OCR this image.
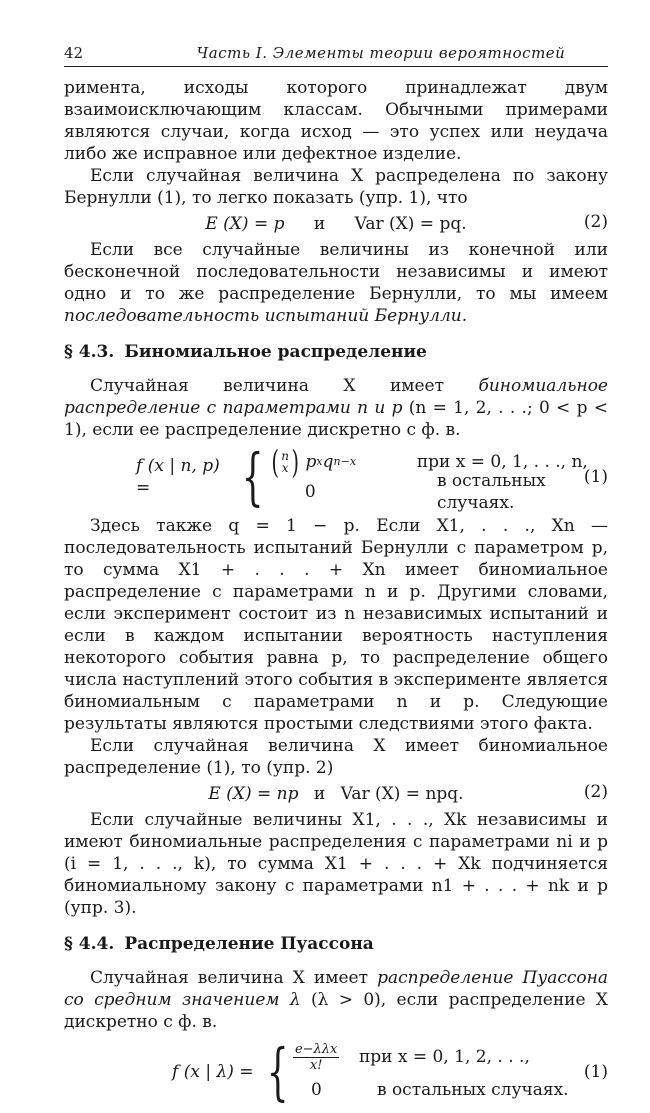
42	Часть I. Элементы теории вероятностей

римента, исходы которого принадлежат двум взаимоисключающим классам. Обычными примерами являются случаи, когда исход — это успех или неудача либо же исправное или дефектное изделие.

Если случайная величина X распределена по закону Бернулли (1), то легко показать (упр. 1), что

E (X) = p и Var (X) = pq.	(2)

Если все случайные величины из конечной или бесконечной последовательности независимы и имеют одно и то же распределение Бернулли, то мы имеем последовательность испытаний Бернулли.

§ 4.3. Биномиальное распределение

Случайная величина X имеет биномиальное распределение с параметрами n и p (n = 1, 2, . . .; 0 < p < 1), если ее распределение дискретно с ф. в.

f (x | n, p) =	{ ( n
x ) p x q n−x	при x = 0, 1, . . ., n,
0
в остальных случаях.
(1)

Здесь также q = 1 − p. Если X1, . . ., Xn — последовательность испытаний Бернулли с параметром p, то сумма X1 + . . . + Xn имеет биномиальное распределение с параметрами n и p. Другими словами, если эксперимент состоит из n независимых испытаний и если в каждом испытании вероятность наступления некоторого события равна p, то распределение общего числа наступлений этого события в эксперименте является биномиальным с параметрами n и p. Следующие результаты являются простыми следствиями этого факта.

Если случайная величина X имеет биномиальное распределение (1), то (упр. 2)

E (X) = np и Var (X) = npq.	(2)

Если случайные величины X1, . . ., Xk независимы и имеют биномиальные распределения с параметрами ni и p (i = 1, . . ., k), то сумма X1 + . . . + Xk подчиняется биномиальному закону с параметрами n1 + . . . + nk и p (упр. 3).

§ 4.4. Распределение Пуассона

Случайная величина X имеет распределение Пуассона со средним значением λ (λ > 0), если распределение X дискретно с ф. в.

f (x | λ) = { $\frac{\text{e−λλx}}{x!}$ при x = 0, 1, 2, . . .,
0	в остальных случаях.
(1)
